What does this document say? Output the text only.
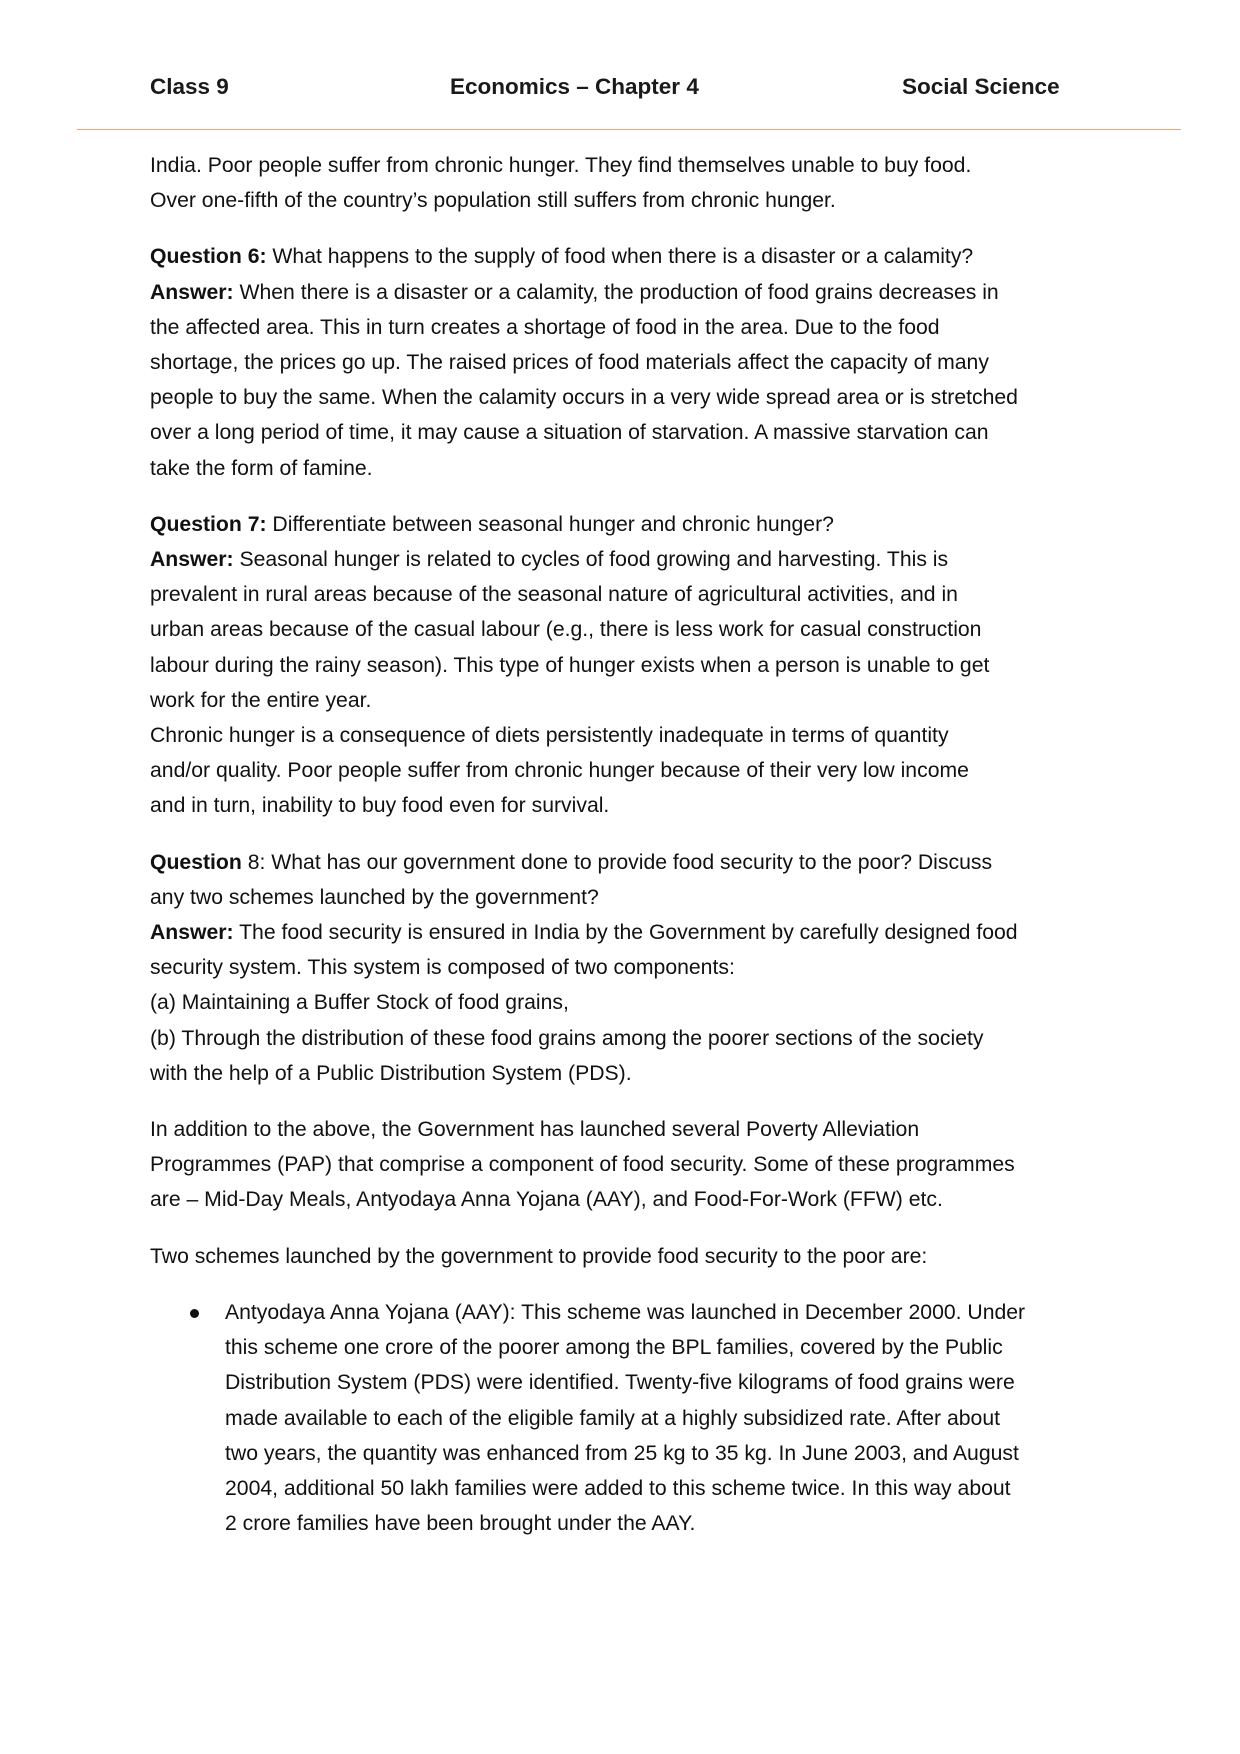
Class 9	Economics – Chapter 4	Social Science

India. Poor people suffer from chronic hunger. They find themselves unable to buy food.
Over one-fifth of the country’s population still suffers from chronic hunger.

Question 6: What happens to the supply of food when there is a disaster or a calamity?
Answer: When there is a disaster or a calamity, the production of food grains decreases in
the affected area. This in turn creates a shortage of food in the area. Due to the food
shortage, the prices go up. The raised prices of food materials affect the capacity of many
people to buy the same. When the calamity occurs in a very wide spread area or is stretched
over a long period of time, it may cause a situation of starvation. A massive starvation can
take the form of famine.

Question 7: Differentiate between seasonal hunger and chronic hunger?
Answer: Seasonal hunger is related to cycles of food growing and harvesting. This is
prevalent in rural areas because of the seasonal nature of agricultural activities, and in
urban areas because of the casual labour (e.g., there is less work for casual construction
labour during the rainy season). This type of hunger exists when a person is unable to get
work for the entire year.
Chronic hunger is a consequence of diets persistently inadequate in terms of quantity
and/or quality. Poor people suffer from chronic hunger because of their very low income
and in turn, inability to buy food even for survival.

Question 8: What has our government done to provide food security to the poor? Discuss
any two schemes launched by the government?
Answer: The food security is ensured in India by the Government by carefully designed food
security system. This system is composed of two components:
(a) Maintaining a Buffer Stock of food grains,
(b) Through the distribution of these food grains among the poorer sections of the society
with the help of a Public Distribution System (PDS).

In addition to the above, the Government has launched several Poverty Alleviation
Programmes (PAP) that comprise a component of food security. Some of these programmes
are – Mid-Day Meals, Antyodaya Anna Yojana (AAY), and Food-For-Work (FFW) etc.

Two schemes launched by the government to provide food security to the poor are:

Antyodaya Anna Yojana (AAY): This scheme was launched in December 2000. Under
this scheme one crore of the poorer among the BPL families, covered by the Public
Distribution System (PDS) were identified. Twenty-five kilograms of food grains were
made available to each of the eligible family at a highly subsidized rate. After about
two years, the quantity was enhanced from 25 kg to 35 kg. In June 2003, and August
2004, additional 50 lakh families were added to this scheme twice. In this way about
2 crore families have been brought under the AAY.
